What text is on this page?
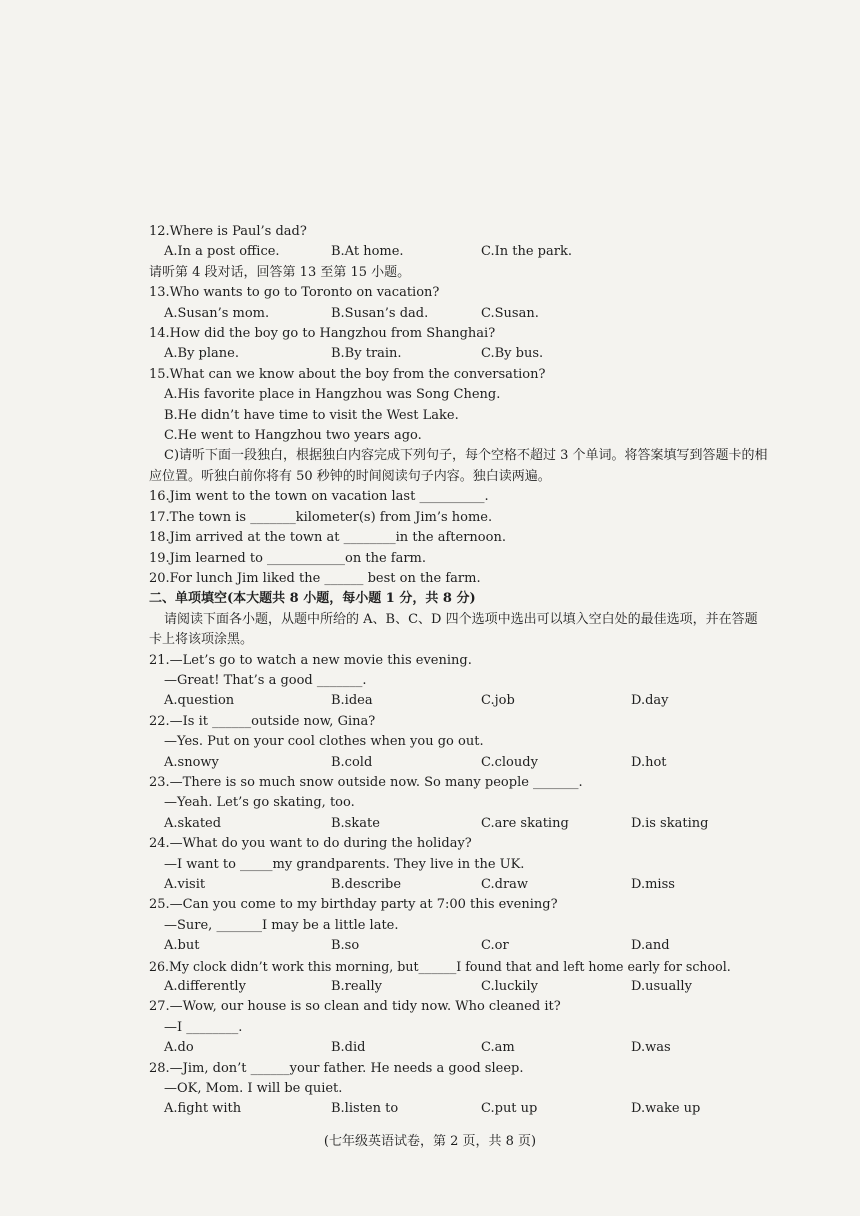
12.Where is Paul’s dad?
A.In a post office.	B.At home.	C.In the park.
请听第 4 段对话，回答第 13 至第 15 小题。
13.Who wants to go to Toronto on vacation?
A.Susan’s mom.	B.Susan’s dad.	C.Susan.
14.How did the boy go to Hangzhou from Shanghai?
A.By plane.	B.By train.	C.By bus.
15.What can we know about the boy from the conversation?
A.His favorite place in Hangzhou was Song Cheng.
B.He didn’t have time to visit the West Lake.
C.He went to Hangzhou two years ago.
C)请听下面一段独白，根据独白内容完成下列句子，每个空格不超过 3 个单词。将答案填写到答题卡的相应位置。听独白前你将有 50 秒钟的时间阅读句子内容。独白读两遍。
16.Jim went to the town on vacation last __________.
17.The town is _______kilometer(s) from Jim’s home.
18.Jim arrived at the town at ________in the afternoon.
19.Jim learned to ____________on the farm.
20.For lunch Jim liked the ______ best on the farm.
二、单项填空(本大题共 8 小题，每小题 1 分，共 8 分)
请阅读下面各小题，从题中所给的 A、B、C、D 四个选项中选出可以填入空白处的最佳选项，并在答题卡上将该项涂黑。
21.—Let’s go to watch a new movie this evening.
—Great! That’s a good _______.
A.question	B.idea	C.job	D.day
22.—Is it ______outside now, Gina?
—Yes. Put on your cool clothes when you go out.
A.snowy	B.cold	C.cloudy	D.hot
23.—There is so much snow outside now. So many people _______.
—Yeah. Let’s go skating, too.
A.skated	B.skate	C.are skating	D.is skating
24.—What do you want to do during the holiday?
—I want to _____my grandparents. They live in the UK.
A.visit	B.describe	C.draw	D.miss
25.—Can you come to my birthday party at 7:00 this evening?
—Sure, _______I may be a little late.
A.but	B.so	C.or	D.and
26.My clock didn’t work this morning, but______I found that and left home early for school.
A.differently	B.really	C.luckily	D.usually
27.—Wow, our house is so clean and tidy now. Who cleaned it?
—I ________.
A.do	B.did	C.am	D.was
28.—Jim, don’t ______your father. He needs a good sleep.
—OK, Mom. I will be quiet.
A.fight with	B.listen to	C.put up	D.wake up
(七年级英语试卷，第 2 页，共 8 页)
